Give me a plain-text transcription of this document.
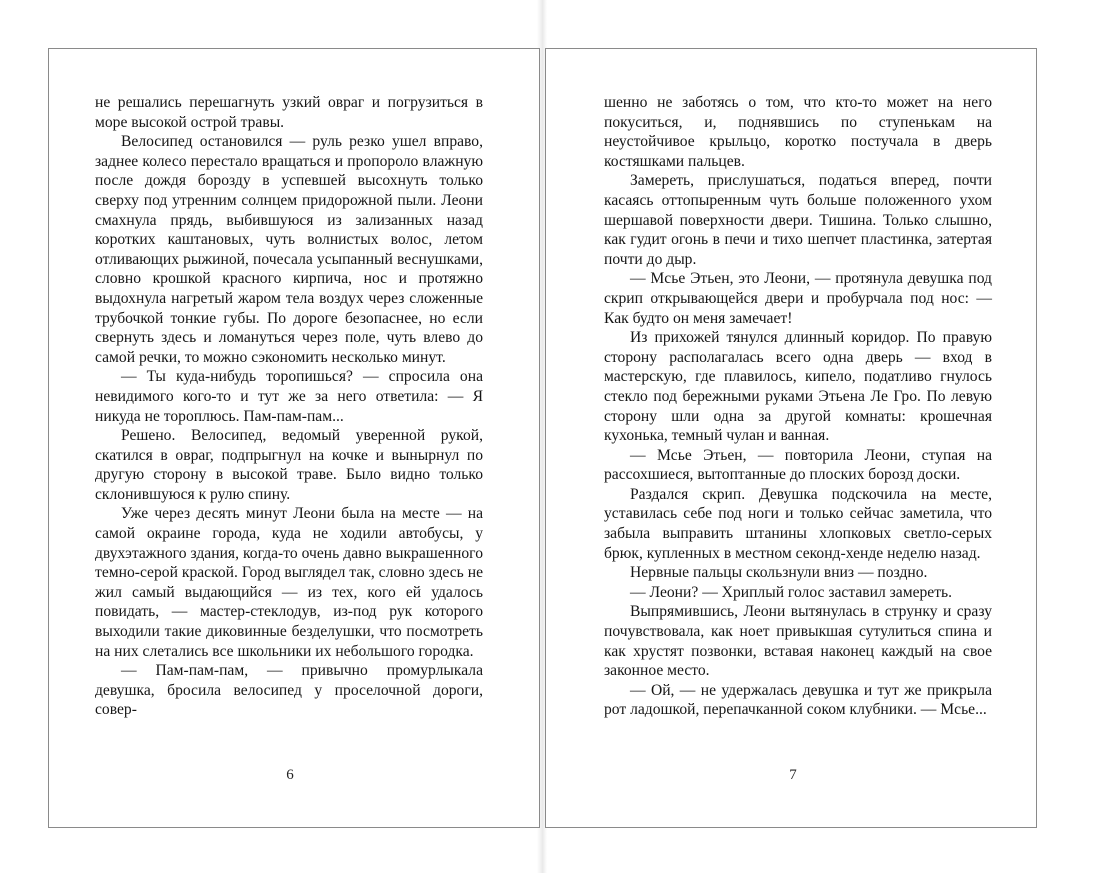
не решались перешагнуть узкий овраг и погрузиться в море высокой острой травы.

Велосипед остановился — руль резко ушел вправо, заднее колесо перестало вращаться и пропороло влажную после дождя борозду в успевшей высохнуть только сверху под утренним солнцем придорожной пыли. Леони смахнула прядь, выбившуюся из зализанных назад коротких каштановых, чуть волнистых волос, летом отливающих рыжиной, почесала усыпанный веснушками, словно крошкой красного кирпича, нос и протяжно выдохнула нагретый жаром тела воздух через сложенные трубочкой тонкие губы. По дороге безопаснее, но если свернуть здесь и ломануться через поле, чуть влево до самой речки, то можно сэкономить несколько минут.

— Ты куда-нибудь торопишься? — спросила она невидимого кого-то и тут же за него ответила: — Я никуда не тороплюсь. Пам-пам-пам...

Решено. Велосипед, ведомый уверенной рукой, скатился в овраг, подпрыгнул на кочке и вынырнул по другую сторону в высокой траве. Было видно только склонившуюся к рулю спину.

Уже через десять минут Леони была на месте — на самой окраине города, куда не ходили автобусы, у двухэтажного здания, когда-то очень давно выкрашенного темно-серой краской. Город выглядел так, словно здесь не жил самый выдающийся — из тех, кого ей удалось повидать, — мастер-стеклодув, из-под рук которого выходили такие диковинные безделушки, что посмотреть на них слетались все школьники их небольшого городка.

— Пам-пам-пам, — привычно промурлыкала девушка, бросила велосипед у проселочной дороги, совер-

6

шенно не заботясь о том, что кто-то может на него покуситься, и, поднявшись по ступенькам на неустойчивое крыльцо, коротко постучала в дверь костяшками пальцев.

Замереть, прислушаться, податься вперед, почти касаясь оттопыренным чуть больше положенного ухом шершавой поверхности двери. Тишина. Только слышно, как гудит огонь в печи и тихо шепчет пластинка, затертая почти до дыр.

— Мсье Этьен, это Леони, — протянула девушка под скрип открывающейся двери и пробурчала под нос: — Как будто он меня замечает!

Из прихожей тянулся длинный коридор. По правую сторону располагалась всего одна дверь — вход в мастерскую, где плавилось, кипело, податливо гнулось стекло под бережными руками Этьена Ле Гро. По левую сторону шли одна за другой комнаты: крошечная кухонька, темный чулан и ванная.

— Мсье Этьен, — повторила Леони, ступая на рассохшиеся, вытоптанные до плоских борозд доски.

Раздался скрип. Девушка подскочила на месте, уставилась себе под ноги и только сейчас заметила, что забыла выправить штанины хлопковых светло-серых брюк, купленных в местном секонд-хенде неделю назад.

Нервные пальцы скользнули вниз — поздно.

— Леони? — Хриплый голос заставил замереть.

Выпрямившись, Леони вытянулась в струнку и сразу почувствовала, как ноет привыкшая сутулиться спина и как хрустят позвонки, вставая наконец каждый на свое законное место.

— Ой, — не удержалась девушка и тут же прикрыла рот ладошкой, перепачканной соком клубники. — Мсье...

7
